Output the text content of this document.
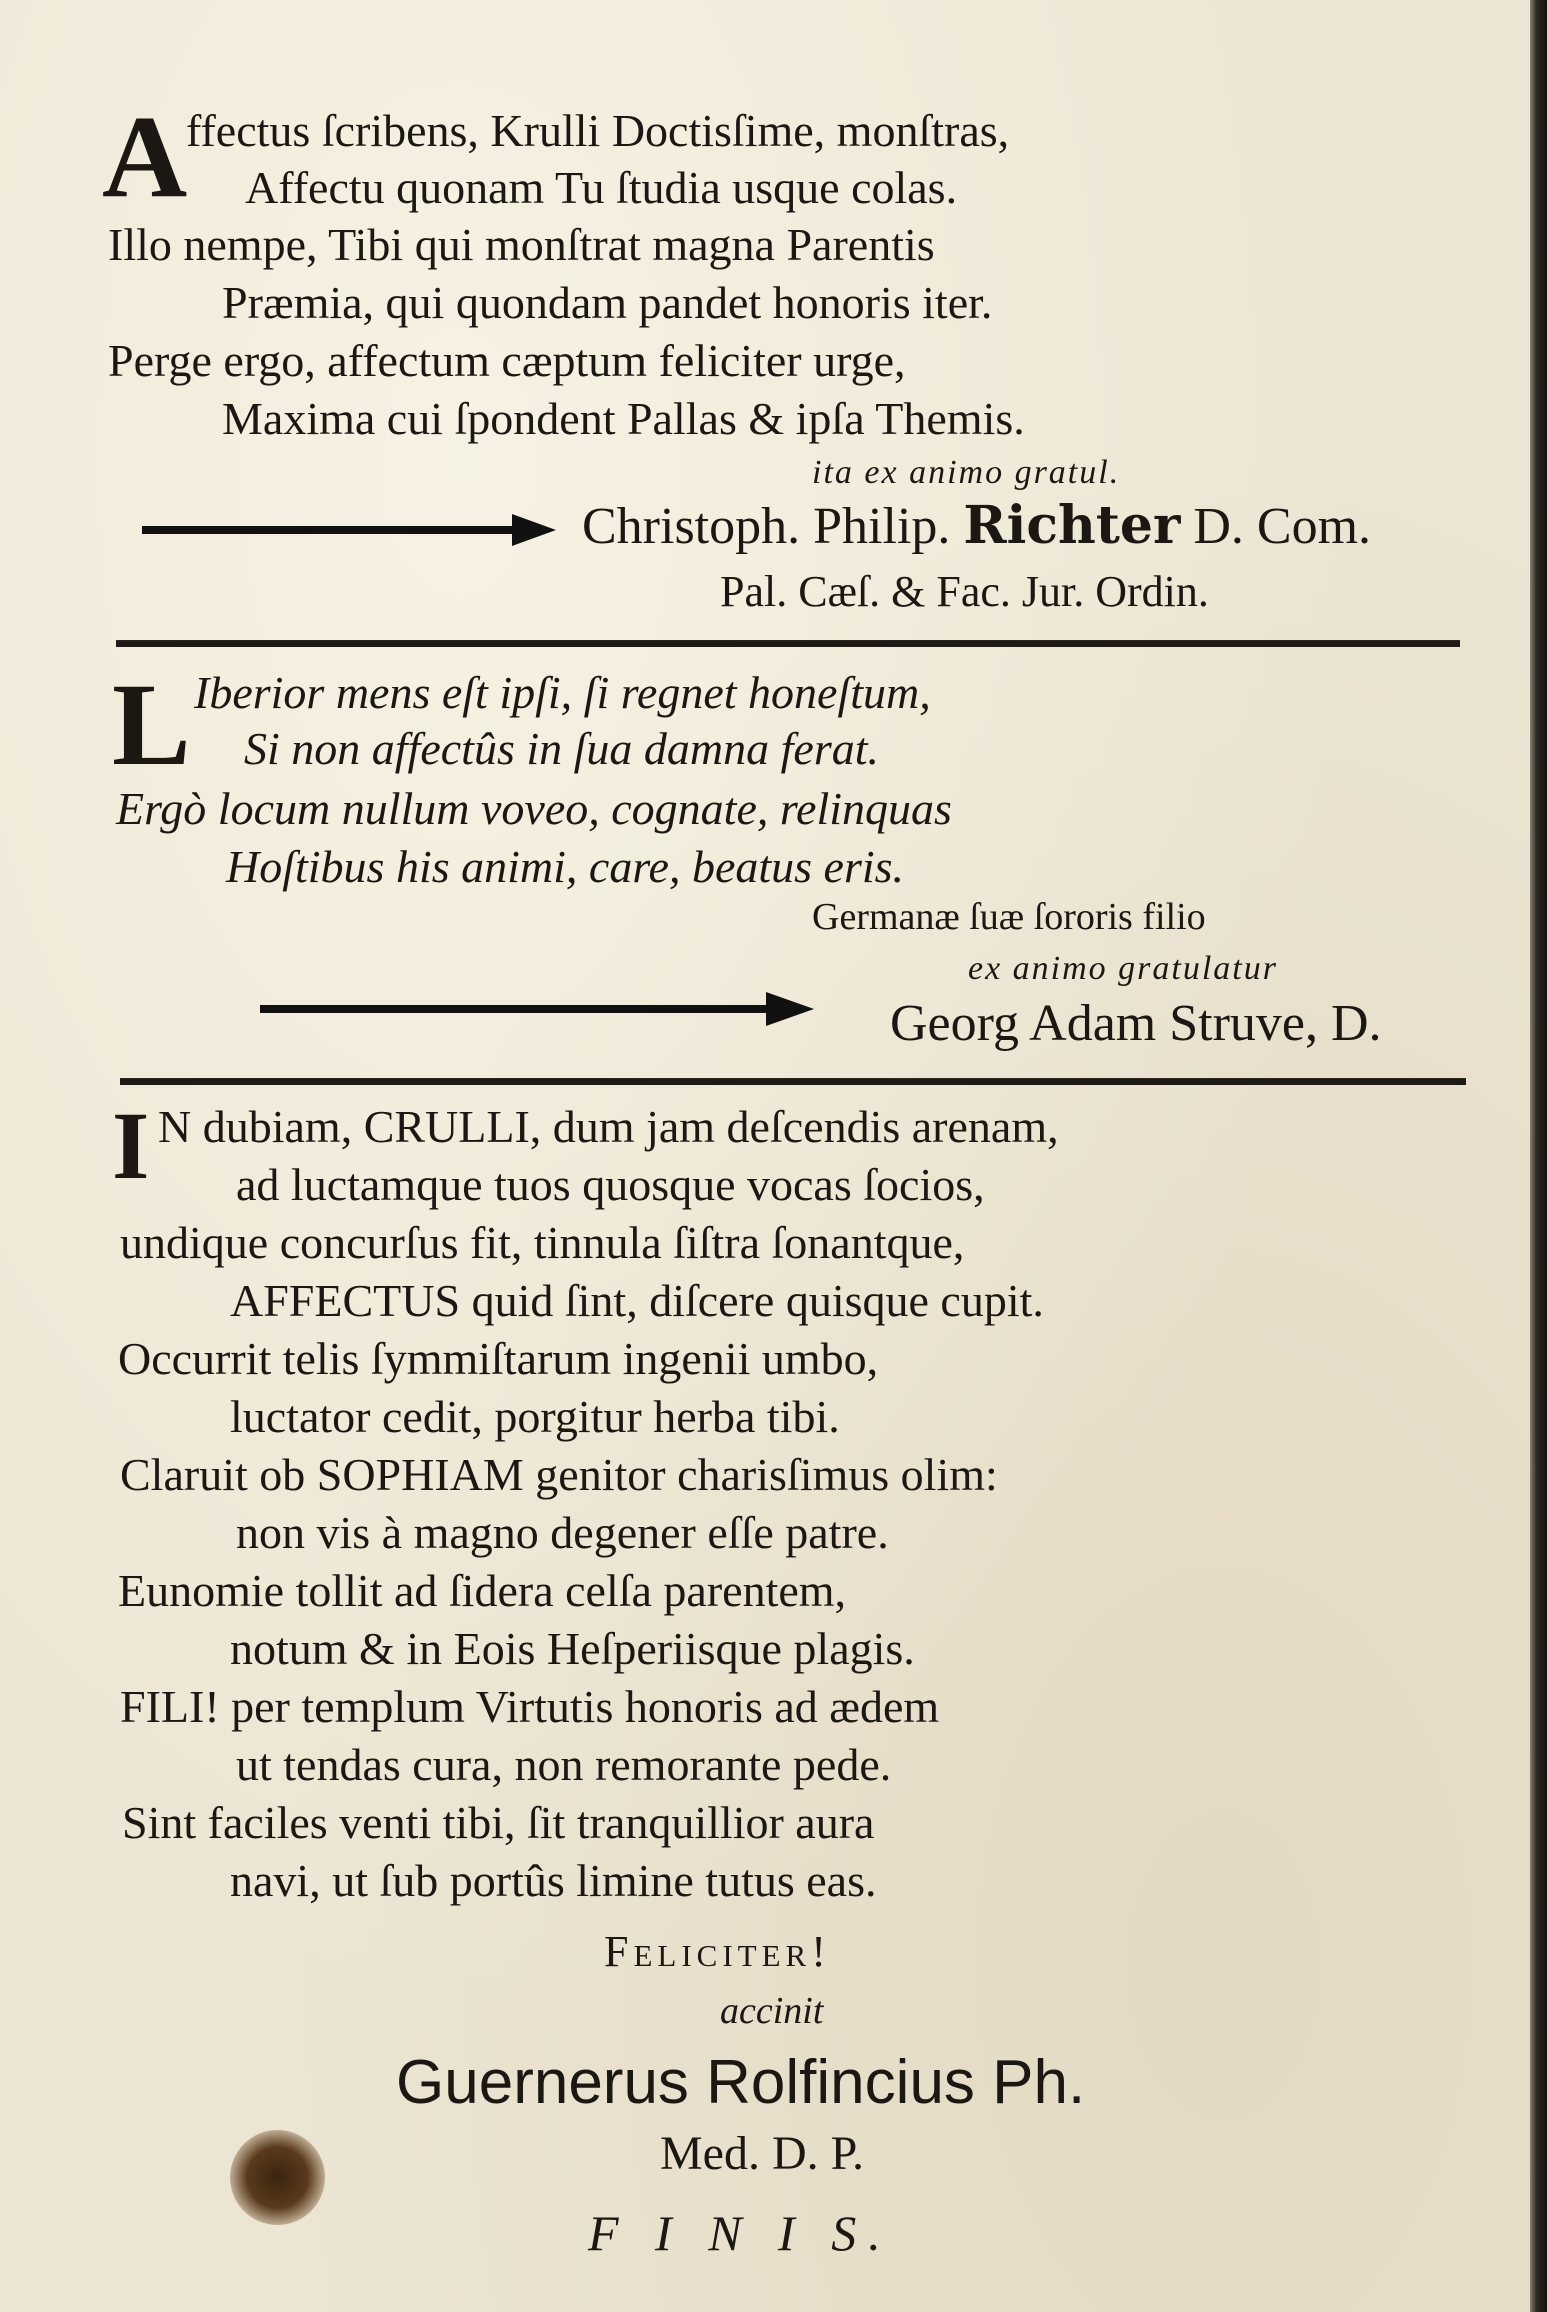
A
ffectus ſcribens, Krulli Doctisſime, monſtras,
Affectu quonam Tu ſtudia usque colas.
Illo nempe, Tibi qui monſtrat magna Parentis
Præmia, qui quondam pandet honoris iter.
Perge ergo, affectum cæptum feliciter urge,
Maxima cui ſpondent Pallas & ipſa Themis.
ita ex animo gratul.
Christoph. Philip. Richter D. Com.
Pal. Cæſ. & Fac. Jur. Ordin.
L Iberior mens eſt ipſi, ſi regnet honeſtum,
Si non affectûs in ſua damna ferat.
Ergò locum nullum voveo, cognate, relinquas
Hoſtibus his animi, care, beatus eris.
Germanæ ſuæ ſororis filio
ex animo gratulatur
Georg Adam Struve, D.
I N dubiam, CRULLI, dum jam deſcendis arenam,
ad luctamque tuos quosque vocas ſocios,
undique concurſus fit, tinnula ſiſtra ſonantque,
AFFECTUS quid ſint, diſcere quisque cupit.
Occurrit telis ſymmiſtarum ingenii umbo,
luctator cedit, porgitur herba tibi.
Claruit ob SOPHIAM genitor charisſimus olim:
non vis à magno degener eſſe patre.
Eunomie tollit ad ſidera celſa parentem,
notum & in Eois Heſperiisque plagis.
FILI! per templum Virtutis honoris ad ædem
ut tendas cura, non remorante pede.
Sint faciles venti tibi, ſit tranquillior aura
navi, ut ſub portûs limine tutus eas.
Feliciter!
accinit
Guernerus Rolfincius Ph.
Med. D. P.
F I N I S.
